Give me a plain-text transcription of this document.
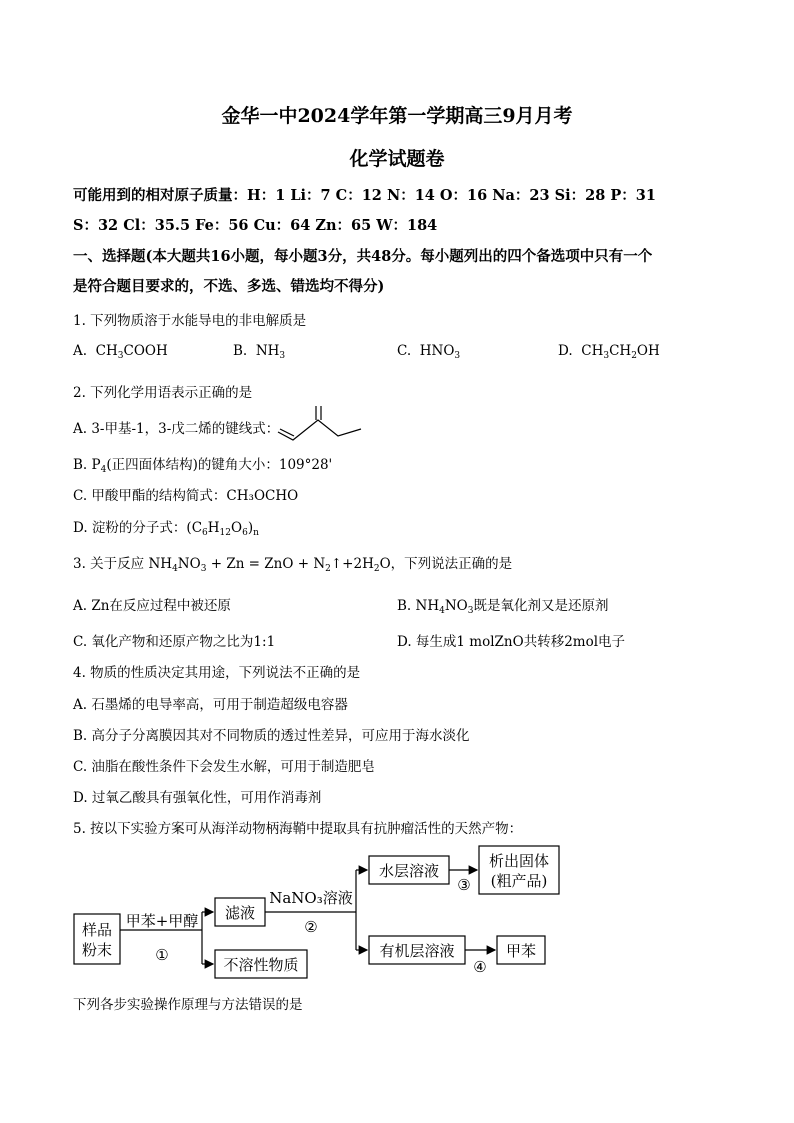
金华一中2024学年第一学期高三9月月考
化学试题卷
可能用到的相对原子质量：H：1 Li：7 C：12 N：14 O：16 Na：23 Si：28 P：31
S：32 Cl：35.5 Fe：56 Cu：64 Zn：65 W：184
一、选择题(本大题共16小题，每小题3分，共48分。每小题列出的四个备选项中只有一个
是符合题目要求的，不选、多选、错选均不得分)
1. 下列物质溶于水能导电的非电解质是
A. $CH_3COOH$	B. $NH_3$	C. $HNO_3$	D. $CH_3CH_2OH$
2. 下列化学用语表示正确的是
A. 3-甲基-1，3-戊二烯的键线式：
B. $P_4$(正四面体结构)的键角大小：109°28'
C. 甲酸甲酯的结构简式：CH₃OCHO
D. 淀粉的分子式：$(C_6H_{12}O_6)_n$
3. 关于反应 $NH_4NO_3 + Zn$ = ZnO + $N_2↑+2H_2O$，下列说法正确的是
A. Zn在反应过程中被还原	B. $NH_4NO_3$既是氧化剂又是还原剂
C. 氧化产物和还原产物之比为1:1	D. 每生成1 molZnO共转移2mol电子
4. 物质的性质决定其用途，下列说法不正确的是
A. 石墨烯的电导率高，可用于制造超级电容器
B. 高分子分离膜因其对不同物质的透过性差异，可应用于海水淡化
C. 油脂在酸性条件下会发生水解，可用于制造肥皂
D. 过氧乙酸具有强氧化性，可用作消毒剂
5. 按以下实验方案可从海洋动物柄海鞘中提取具有抗肿瘤活性的天然产物：
样品
粉末
甲苯+甲醇
①
滤液
不溶性物质
NaNO₃溶液
②
水层溶液
③
析出固体
(粗产品)
有机层溶液
④
甲苯
下列各步实验操作原理与方法错误的是
